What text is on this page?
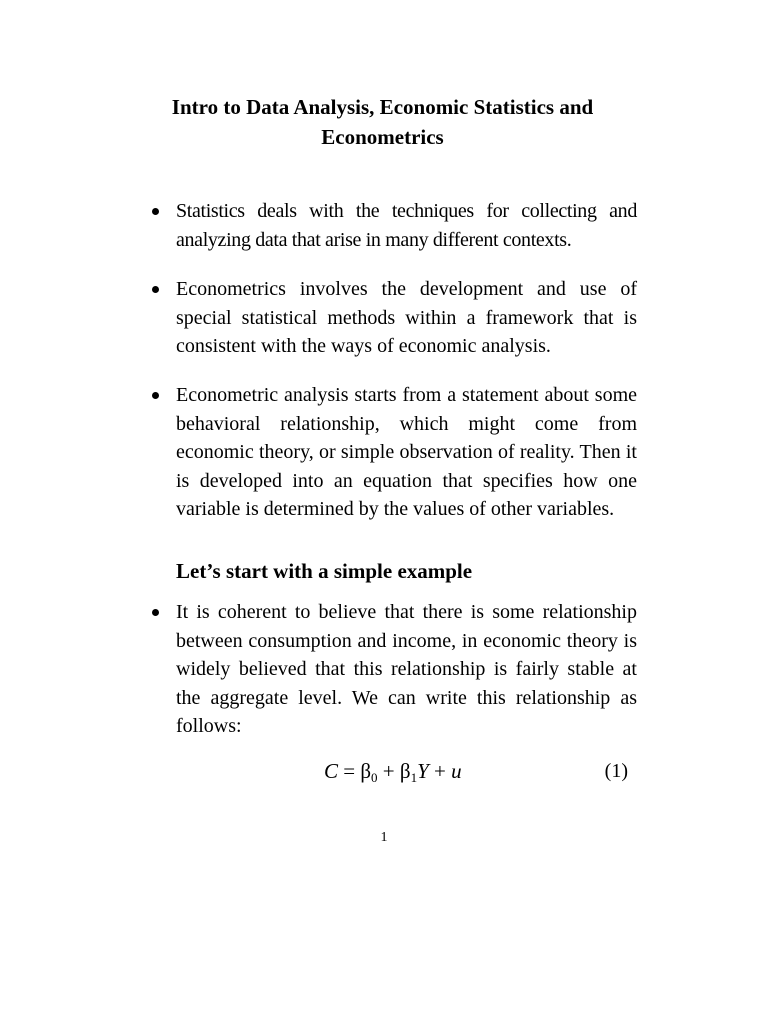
Intro to Data Analysis, Economic Statistics and Econometrics
Statistics deals with the techniques for collecting and analyzing data that arise in many different contexts.
Econometrics involves the development and use of special statistical methods within a framework that is consistent with the ways of economic analysis.
Econometric analysis starts from a statement about some behavioral relationship, which might come from economic theory, or simple observation of reality. Then it is developed into an equation that specifies how one variable is determined by the values of other variables.
It is coherent to believe that there is some relationship between consumption and income, in economic theory is widely believed that this relationship is fairly stable at the aggregate level. We can write this relationship as follows:
Let’s start with a simple example
$C = \beta_0 + \beta_1Y + u$	(1)
1
